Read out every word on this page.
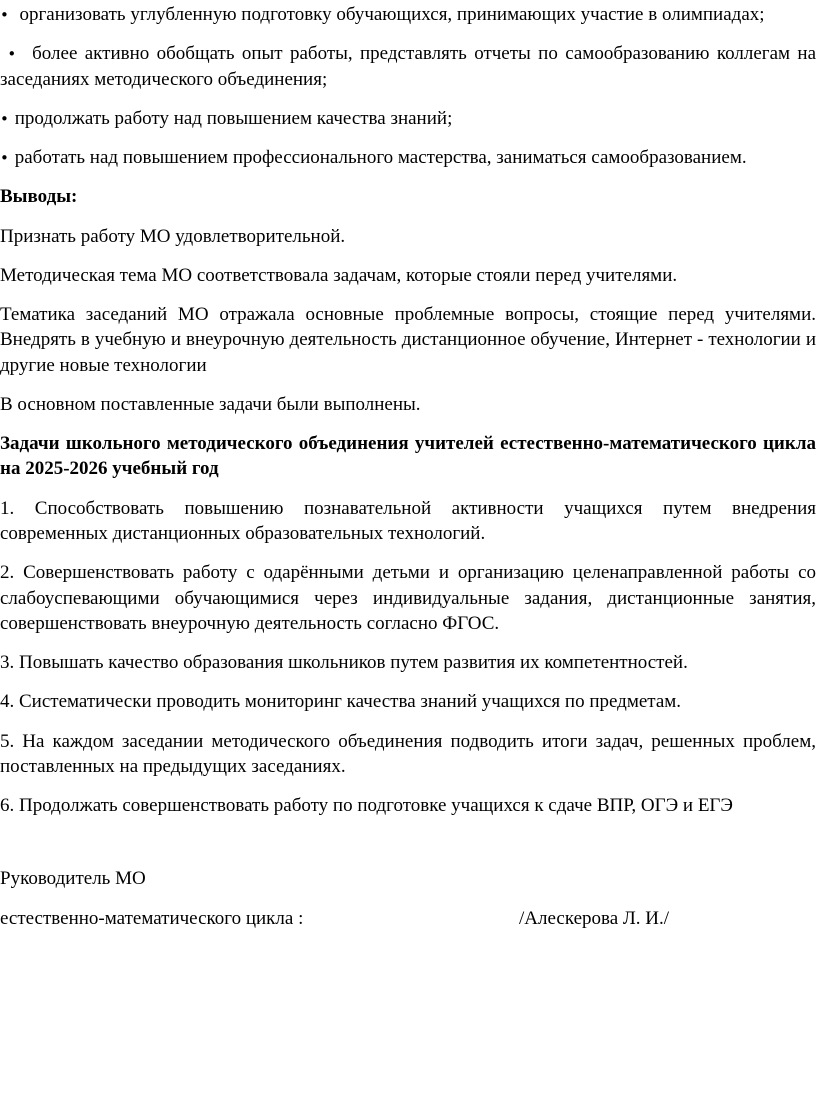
• организовать углубленную подготовку обучающихся, принимающих участие в олимпиадах;

• более активно обобщать опыт работы, представлять отчеты по самообразованию коллегам на заседаниях методического объединения;

• продолжать работу над повышением качества знаний;

• работать над повышением профессионального мастерства, заниматься самообразованием.

Выводы:

Признать работу МО удовлетворительной.

Методическая тема МО соответствовала задачам, которые стояли перед учителями.

Тематика заседаний МО отражала основные проблемные вопросы, стоящие перед учителями. Внедрять в учебную и внеурочную деятельность дистанционное обучение, Интернет - технологии и другие новые технологии

В основном поставленные задачи были выполнены.

Задачи школьного методического объединения учителей естественно-математического цикла на 2025-2026 учебный год

1. Способствовать повышению познавательной активности учащихся путем внедрения современных дистанционных образовательных технологий.

2. Совершенствовать работу с одарёнными детьми и организацию целенаправленной работы со слабоуспевающими обучающимися через индивидуальные задания, дистанционные занятия, совершенствовать внеурочную деятельность согласно ФГОС.

3. Повышать качество образования школьников путем развития их компетентностей.

4. Систематически проводить мониторинг качества знаний учащихся по предметам.

5. На каждом заседании методического объединения подводить итоги задач, решенных проблем, поставленных на предыдущих заседаниях.

6. Продолжать совершенствовать работу по подготовке учащихся к сдаче ВПР, ОГЭ и ЕГЭ

Руководитель МО

естественно-математического цикла :	/Алескерова Л. И./
